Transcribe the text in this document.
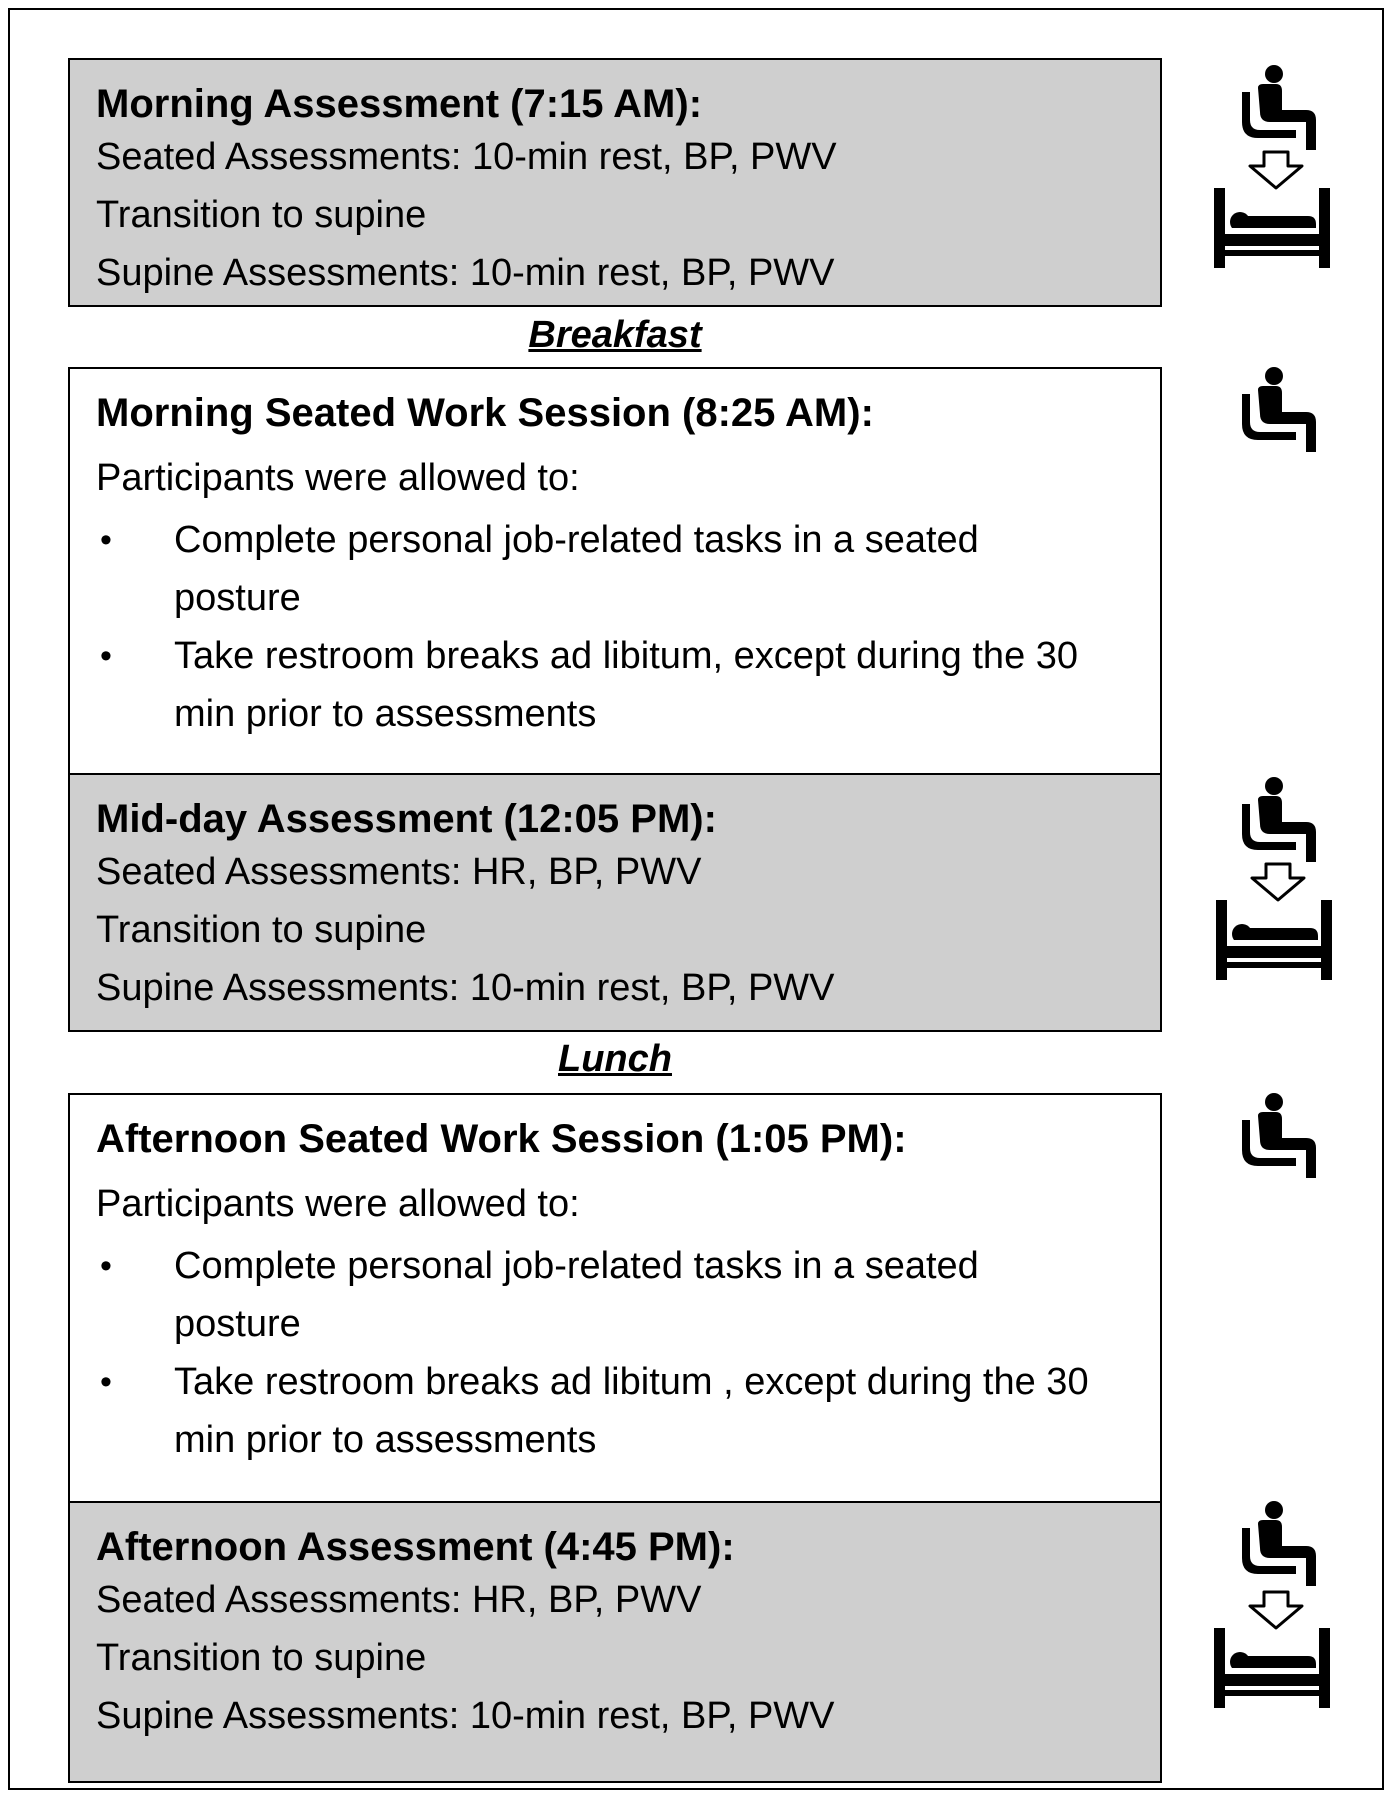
Morning Assessment (7:15 AM):

Seated Assessments: 10-min rest, BP, PWV

Transition to supine

Supine Assessments: 10-min rest, BP, PWV

Breakfast

Morning Seated Work Session (8:25 AM):

Participants were allowed to:

• Complete personal job-related tasks in a seated posture
• Take restroom breaks ad libitum, except during the 30 min prior to assessments

Mid-day Assessment (12:05 PM):

Seated Assessments: HR, BP, PWV

Transition to supine

Supine Assessments: 10-min rest, BP, PWV

Lunch

Afternoon Seated Work Session (1:05 PM):

Participants were allowed to:

• Complete personal job-related tasks in a seated posture
• Take restroom breaks ad libitum , except during the 30 min prior to assessments

Afternoon Assessment (4:45 PM):

Seated Assessments: HR, BP, PWV

Transition to supine

Supine Assessments: 10-min rest, BP, PWV
